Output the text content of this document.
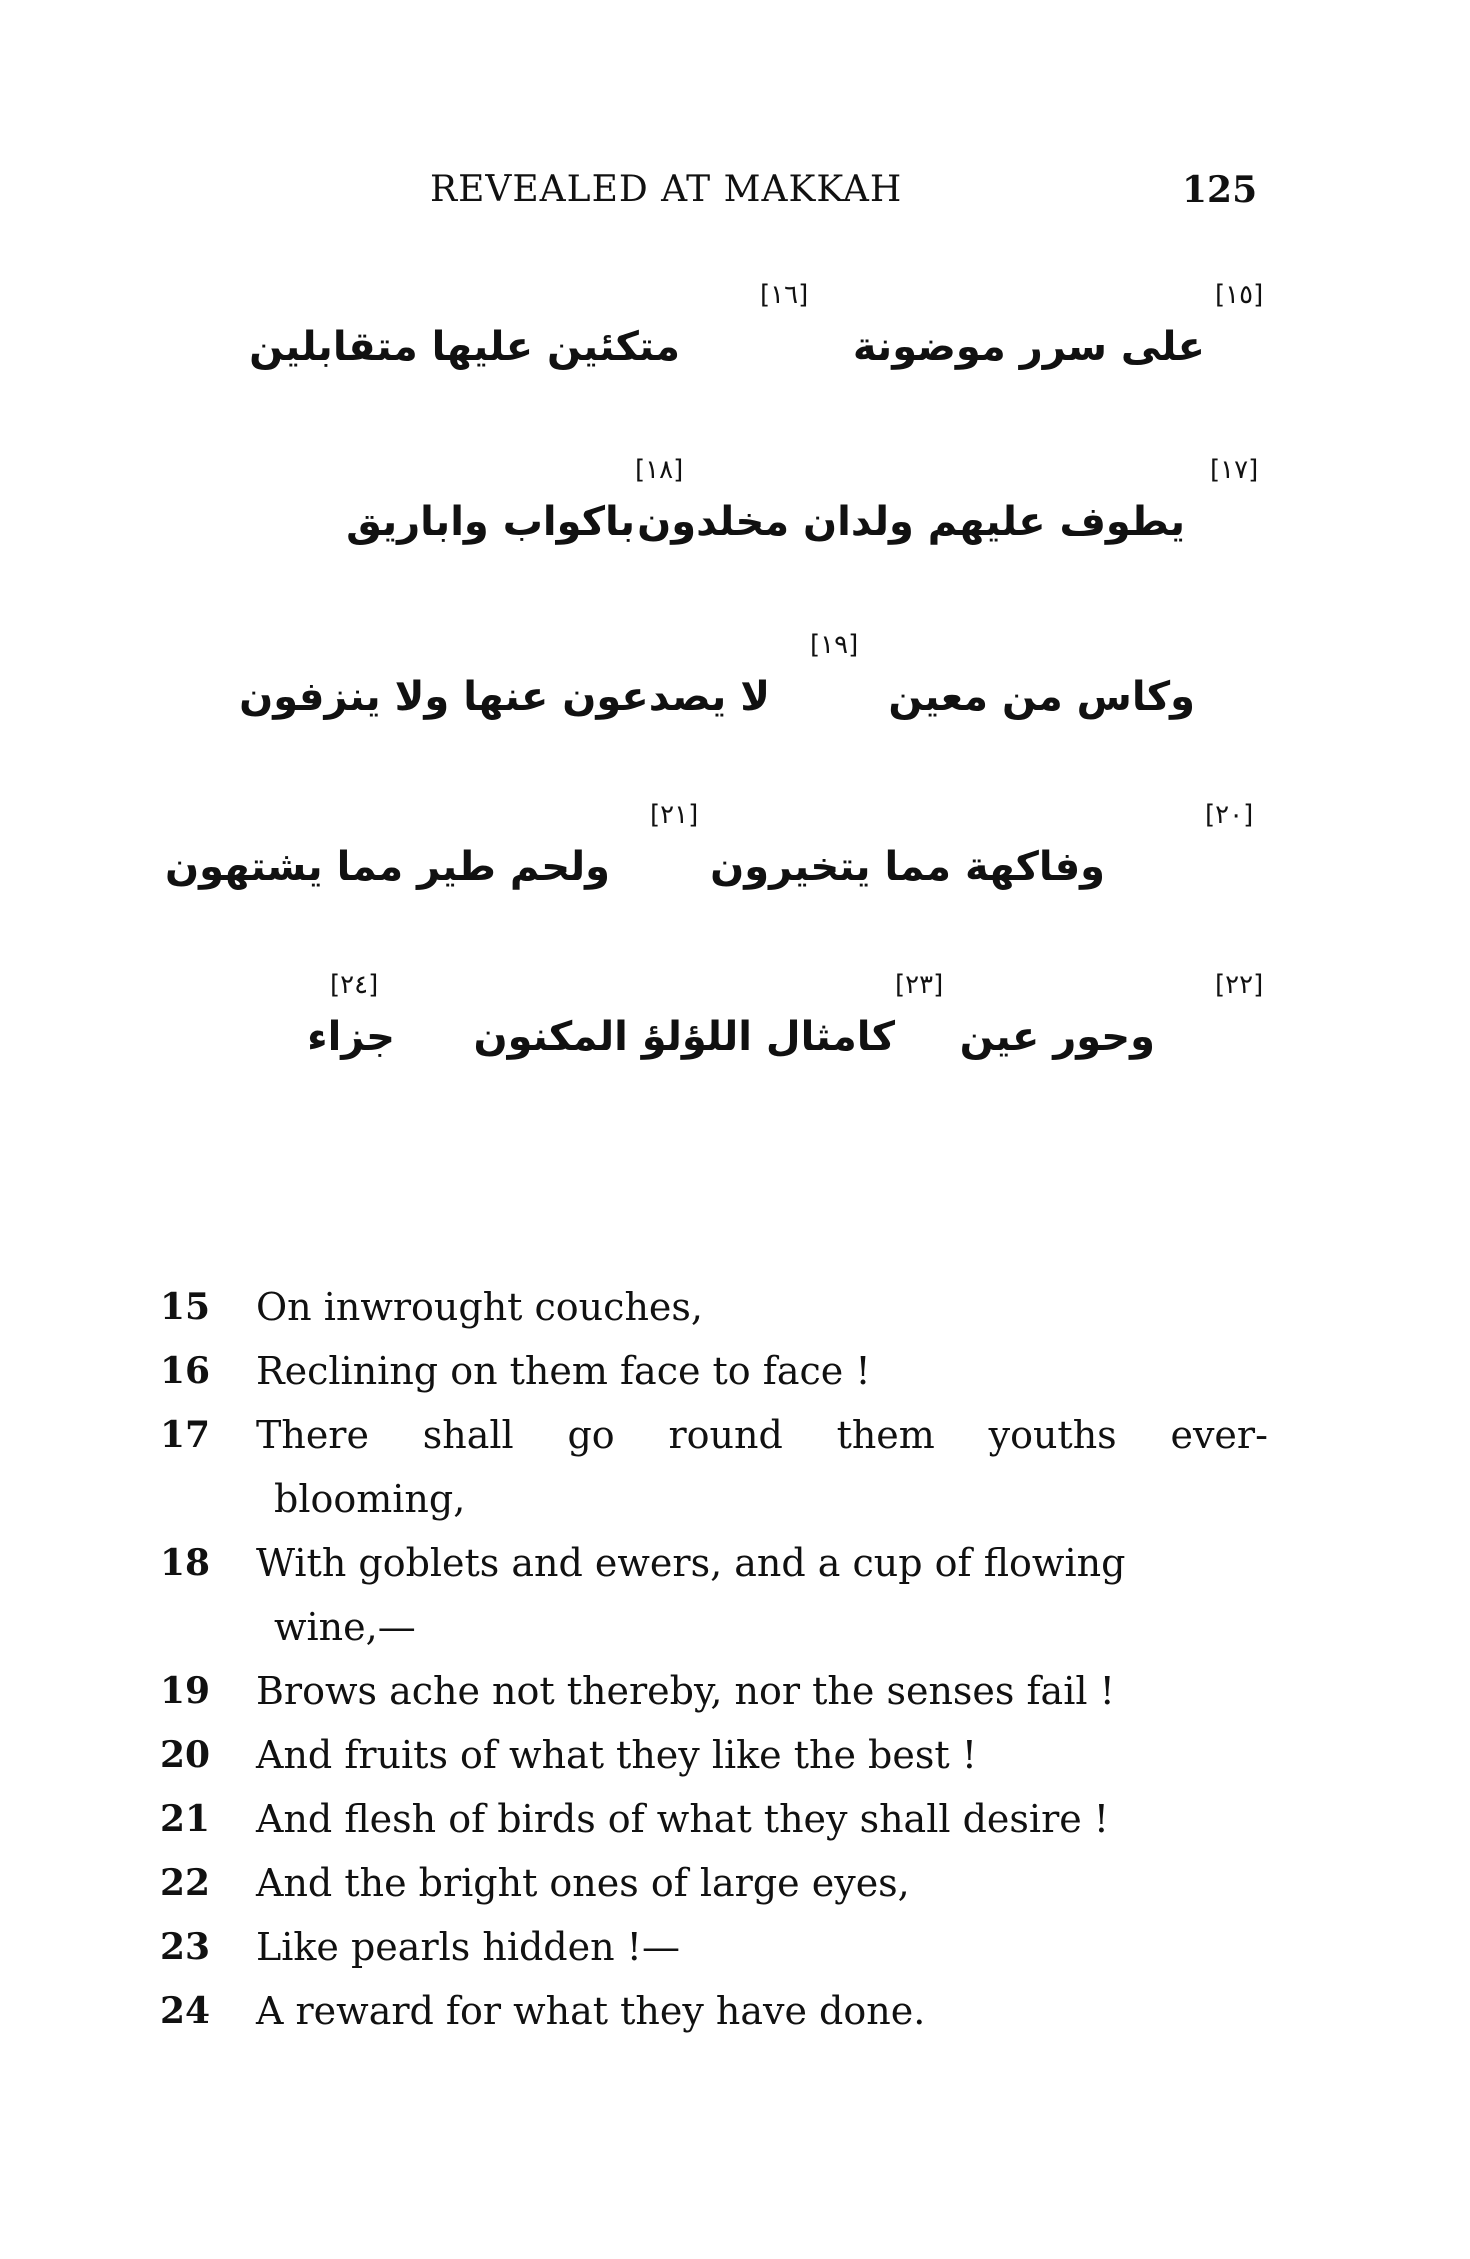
REVEALED AT MAKKAH	125
[١٥]
على سرر موضونة
[١٦]
متكئين عليها متقابلين
[١٧]
يطوف عليهم ولدان مخلدون
[١٨]
باكواب واباريق
وكاس من معين
[١٩]
لا يصدعون عنها ولا ينزفون
[٢٠]
وفاكهة مما يتخيرون
[٢١]
ولحم طير مما يشتهون
[٢٢]
وحور عين
[٢٣]
كامثال اللؤلؤ المكنون
[٢٤]
جزاء
15 On inwrought couches,
16 Reclining on them face to face !
17 There shall go round them youths ever-
blooming,
18 With goblets and ewers, and a cup of flowing
wine,—
19 Brows ache not thereby, nor the senses fail !
20 And fruits of what they like the best !
21 And flesh of birds of what they shall desire !
22 And the bright ones of large eyes,
23 Like pearls hidden !—
24 A reward for what they have done.
